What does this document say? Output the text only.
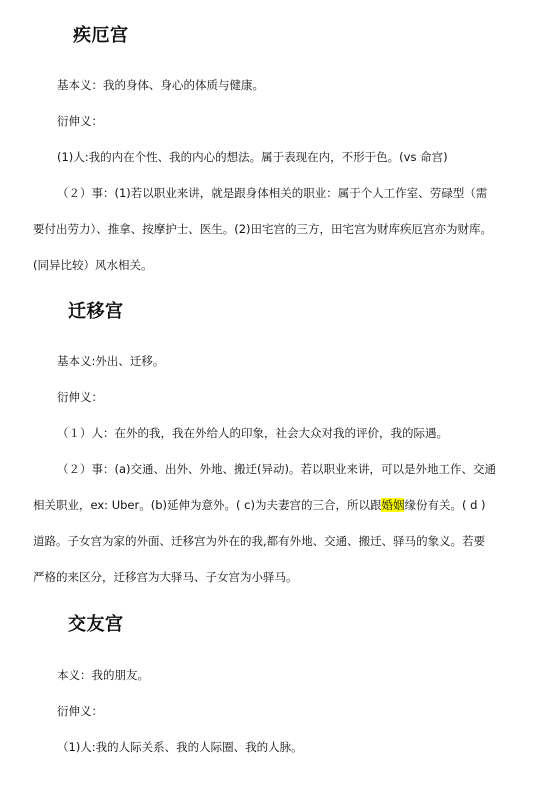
疾厄宫
基本义：我的身体、身心的体质与健康。
衍伸义：
(1)人:我的内在个性、我的内心的想法。属于表现在内，不形于色。(vs 命宫)
（２）事：(1)若以职业来讲，就是跟身体相关的职业：属于个人工作室、劳碌型（需
要付出劳力）、推拿、按摩护士、医生。(2)田宅宫的三方，田宅宫为财库疾厄宫亦为财库。
(同异比较）风水相关。
迁移宫
基本义:外出、迁移。
衍伸义：
（１）人：在外的我，我在外给人的印象，社会大众对我的评价，我的际遇。
（２）事：(a)交通、出外、外地、搬迁(异动)。若以职业来讲，可以是外地工作、交通
相关职业，ex: Uber。(b)延伸为意外。( c)为夫妻宫的三合，所以跟婚姻缘份有关。( d )
道路。子女宫为家的外面、迁移宫为外在的我,都有外地、交通、搬迁、驿马的象义。若要
严格的来区分，迁移宫为大驿马、子女宫为小驿马。
交友宫
本义：我的朋友。
衍伸义：
（1)人:我的人际关系、我的人际圈、我的人脉。
